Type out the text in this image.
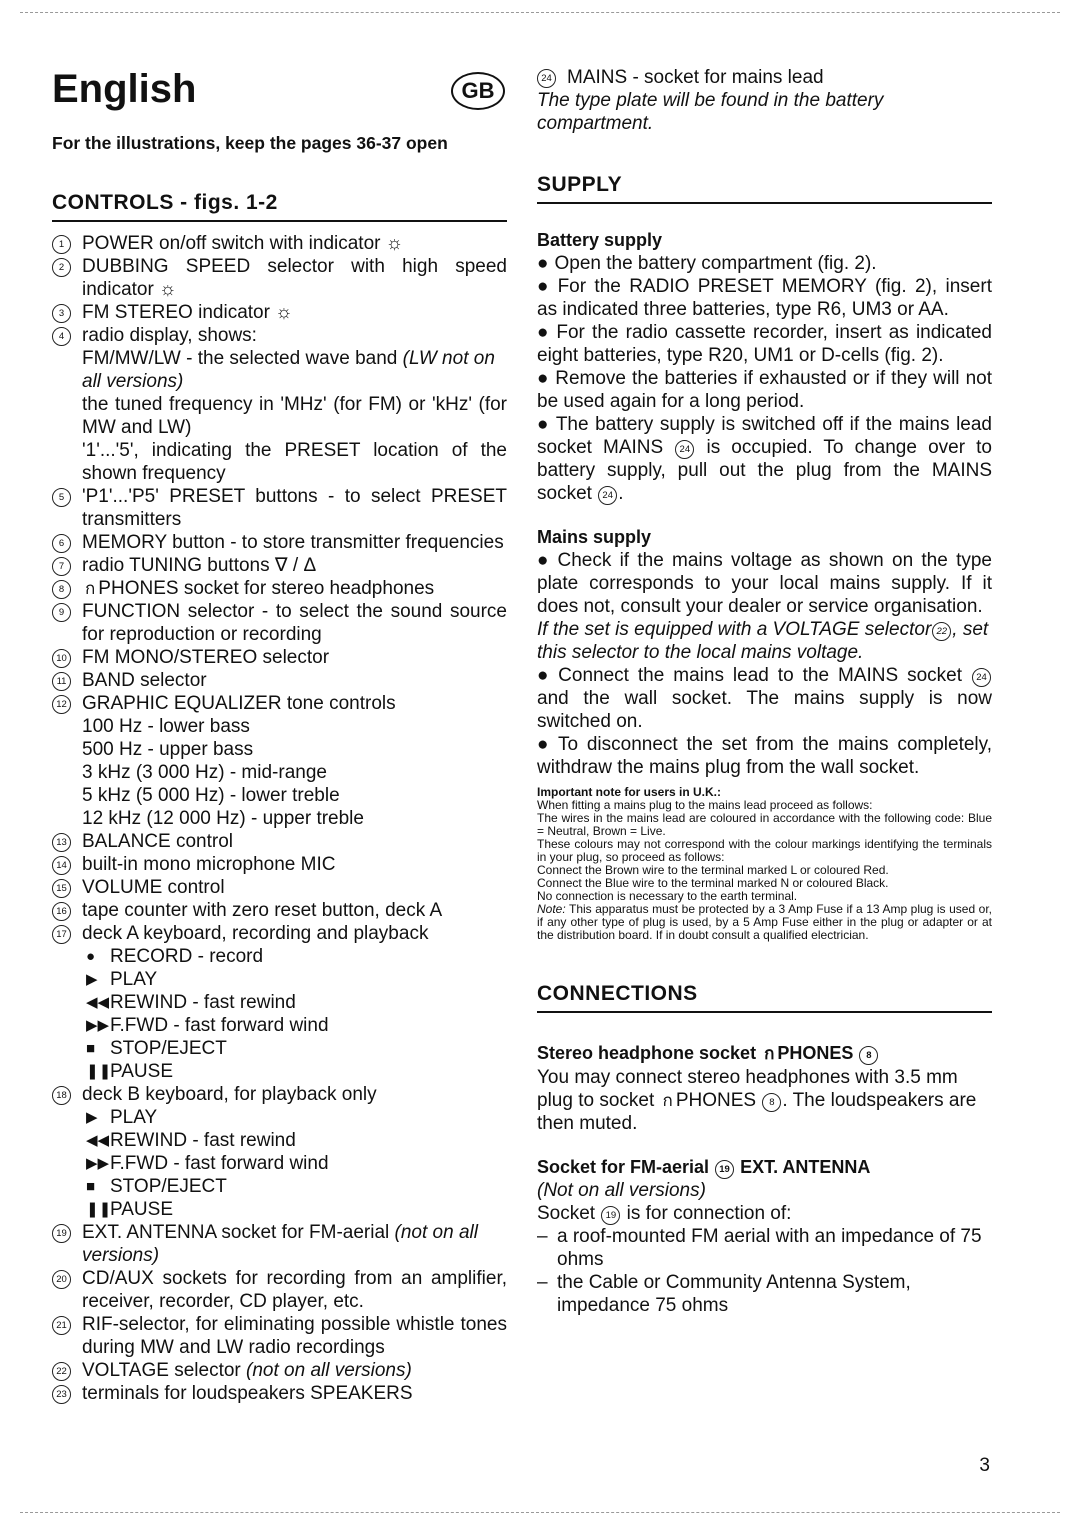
English	GB
For the illustrations, keep the pages 36-37 open
CONTROLS - figs. 1-2
1 POWER on/off switch with indicator ☼
2 DUBBING SPEED selector with high speed indicator ☼
3 FM STEREO indicator ☼
4 radio display, shows:
FM/MW/LW - the selected wave band (LW not on all versions)
the tuned frequency in 'MHz' (for FM) or 'kHz' (for MW and LW)
'1'...'5', indicating the PRESET location of the shown frequency
5 'P1'...'P5' PRESET buttons - to select PRESET transmitters
6 MEMORY button - to store transmitter frequencies
7 radio TUNING buttons ∇ / Δ
8	ก PHONES socket for stereo headphones
9 FUNCTION selector - to select the sound source for reproduction or recording
10 FM MONO/STEREO selector
11 BAND selector
12 GRAPHIC EQUALIZER tone controls
100 Hz - lower bass
500 Hz - upper bass
3 kHz (3 000 Hz) - mid-range
5 kHz (5 000 Hz) - lower treble
12 kHz (12 000 Hz) - upper treble
13 BALANCE control
14 built-in mono microphone MIC
15 VOLUME control
16 tape counter with zero reset button, deck A
17 deck A keyboard, recording and playback
● RECORD - record
▶ PLAY
◀◀ REWIND - fast rewind
▶▶ F.FWD - fast forward wind
■ STOP/EJECT
❚❚
PAUSE
18 deck B keyboard, for playback only
▶ PLAY
◀◀ REWIND - fast rewind
▶▶ F.FWD - fast forward wind
■ STOP/EJECT
❚❚
PAUSE
19 EXT. ANTENNA socket for FM-aerial (not on all versions)
20 CD/AUX sockets for recording from an amplifier, receiver, recorder, CD player, etc.
21 RIF-selector, for eliminating possible whistle tones during MW and LW radio recordings
22 VOLTAGE selector (not on all versions)
23 terminals for loudspeakers SPEAKERS
24 MAINS - socket for mains lead
The type plate will be found in the battery compartment.
SUPPLY
Battery supply
● Open the battery compartment (fig. 2).
● For the RADIO PRESET MEMORY (fig. 2), insert as indicated three batteries, type R6, UM3 or AA.
● For the radio cassette recorder, insert as indicated eight batteries, type R20, UM1 or D-cells (fig. 2).
● Remove the batteries if exhausted or if they will not be used again for a long period.
● The battery supply is switched off if the mains lead socket MAINS 24 is occupied. To change over to battery supply, pull out the plug from the MAINS socket 24 .
Mains supply
● Check if the mains voltage as shown on the type plate corresponds to your local mains supply. If it does not, consult your dealer or service organisation.
If the set is equipped with a VOLTAGE selector 22 , set this selector to the local mains voltage.
● Connect the mains lead to the MAINS socket 24 and the wall socket. The mains supply is now switched on.
● To disconnect the set from the mains completely, withdraw the mains plug from the wall socket.
Important note for users in U.K.:
When fitting a mains plug to the mains lead proceed as follows:
The wires in the mains lead are coloured in accordance with the following code: Blue = Neutral, Brown = Live.
These colours may not correspond with the colour markings identifying the terminals in your plug, so proceed as follows:
Connect the Brown wire to the terminal marked L or coloured Red.
Connect the Blue wire to the terminal marked N or coloured Black.
No connection is necessary to the earth terminal.
Note: This apparatus must be protected by a 3 Amp Fuse if a 13 Amp plug is used or, if any other type of plug is used, by a 5 Amp Fuse either in the plug or adapter or at the distribution board. If in doubt consult a qualified electrician.
CONNECTIONS
Stereo headphone socket ก PHONES 8
You may connect stereo headphones with 3.5 mm plug to socket ก PHONES 8 . The loudspeakers are then muted.
Socket for FM-aerial 19 EXT. ANTENNA
(Not on all versions)
Socket 19 is for connection of:
– a roof-mounted FM aerial with an impedance of 75 ohms
– the Cable or Community Antenna System, impedance 75 ohms
3
